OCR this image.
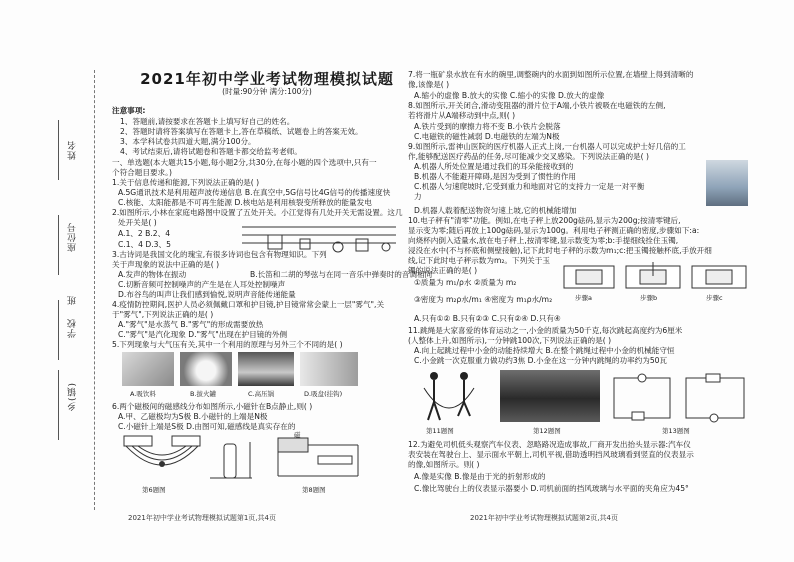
姓名
座位号
班
学校
乡(镇)
2021年初中学业考试物理模拟试题
(时量:90分钟 满分:100分)
注意事项:
1、答题前,请按要求在答题卡上填写好自己的姓名。
2、答题时请将答案填写在答题卡上,答在草稿纸、试题卷上的答案无效。
3、本学科试卷共四道大题,满分100分。
4、考试结束后,请将试题卷和答题卡都交给监考老师。
一、单选题(本大题共15小题,每小题2分,共30分,在每小题的四个选项中,只有一
个符合题目要求。)
1.关于信息传递和能源,下列说法正确的是( )
A.5G通讯技术是利用超声波传递信息 B.在真空中,5G信号比4G信号的传播速度快
C.核能、太阳能都是不可再生能源 D.核电站是利用核裂变所释放的能量发电
2.如图所示,小林在家庭电路图中设置了五处开关。小江觉得有几处开关无需设置。这几
处开关是( )
A.1、2 B.2、4
C.1、4 D.3、5
3.古诗词是我国文化的瑰宝,有很多诗词也包含有物理知识。下列
关于声现象的说法中正确的是( )
A.发声的物体在振动	B.长笛和二胡的琴弦与在同一音乐中弹奏时的音调相同
C.切断音频可控制噪声的产生是在人耳处控制噪声
D.布谷鸟的叫声让我们感到愉悦,说明声音能传递能量
4.疫情防控期间,医护人员必须佩戴口罩和护目镜,护目镜常常会蒙上一层"雾气",关
于"雾气",下列说法正确的是( )
A."雾气"是水蒸气 B."雾气"的形成需要放热
C."雾气"是汽化现象 D."雾气"出现在护目镜的外侧
5.下列现象与大气压有关,其中一个利用的原理与另外三个不同的是( )
A.吸饮料	B.拔火罐	C.高压锅	D.吸盘(挂钩)
6.两个磁极间的磁感线分布如图所示,小磁针在B点静止,则( )
A.甲、乙磁极均为S极 B.小磁针的上端是N极
C.小磁针上端是S极 D.由图可知,磁感线是真实存在的
第6题图
磁
第8题图
2021年初中学业考试物理模拟试题第1页,共4页
7.将一瓶矿泉水放在有水的碗里,调整碗内的水面到如图所示位置,在墙壁上得到清晰的
像,该像是( )
A.缩小的虚像 B.放大的实像 C.缩小的实像 D.放大的虚像
8.如图所示,开关闭合,滑动变阻器的滑片位于A端,小铁片被吸在电磁铁的左侧,
若将滑片从A端移动到中点,则( )
A.铁片受到的摩擦力将不变 B.小铁片会脱落
C.电磁铁的磁性减弱 D.电磁铁的左端为N极
9.如图所示,雷神山医院的医疗机器人正式上岗,一台机器人可以完成护士好几倍的工
作,能够配送医疗药品的任务,尽可能减少交叉感染。下列说法正确的是( )
A.机器人所处位置是通过我们的耳朵能接收到的
B.机器人不能避开障碍,是因为受到了惯性的作用
C.机器人匀速爬坡时,它受到重力和地面对它的支持力一定是一对平衡
力
D.机器人载着配送物资匀速上坡,它的机械能增加
10.电子秤有"清零"功能。例如,在电子秤上放200g砝码,显示为200g;按清零键后,
显示变为零;随后再放上100g砝码,显示为100g。利用电子秤测正确的密度,步骤如下:a:
向烧杯内倒入适量水,放在电子秤上,按清零键,显示数变为零;b:手提细线拴住玉镯,
浸没在水中(不与杯底和侧壁接触),记下此时电子秤的示数为m₁;c:把玉镯接触杯底,手放开细
线,记下此时电子秤示数为m₂。下列关于玉
镯的说法正确的是( )
①质量为 m₁/ρ水 ②质量为 m₂
③密度为 m₂ρ水/m₁ ④密度为 m₁ρ水/m₂	步骤a	步骤b	步骤c
A.只有①② B.只有②③ C.只有②④ D.只有④
11.跳绳是大家喜爱的体育运动之一,小金的质量为50千克,每次跳起高度约为6厘米
(人整体上升,如图所示),一分钟跳100次,下列说法正确的是( )
A.向上起跳过程中小金的动能持续增大 B.在整个跳绳过程中小金的机械能守恒
C.小金跳一次克服重力做功约3焦 D.小金在这一分钟内跳绳的功率约为50瓦
第11题图	第12题图	第13题图
12.为避免司机低头观察汽车仪表、忽略路况造成事故,厂商开发出抬头显示器:汽车仪
表安装在驾驶台上、显示面水平朝上,司机平视,借助透明挡风玻璃看到竖直的仪表显示
的像,如图所示。则( )
A.像是实像 B.像是由于光的折射形成的
C.像比驾驶台上的仪表显示器要小 D.司机前面的挡风玻璃与水平面的夹角应为45°
2021年初中学业考试物理模拟试题第2页,共4页
